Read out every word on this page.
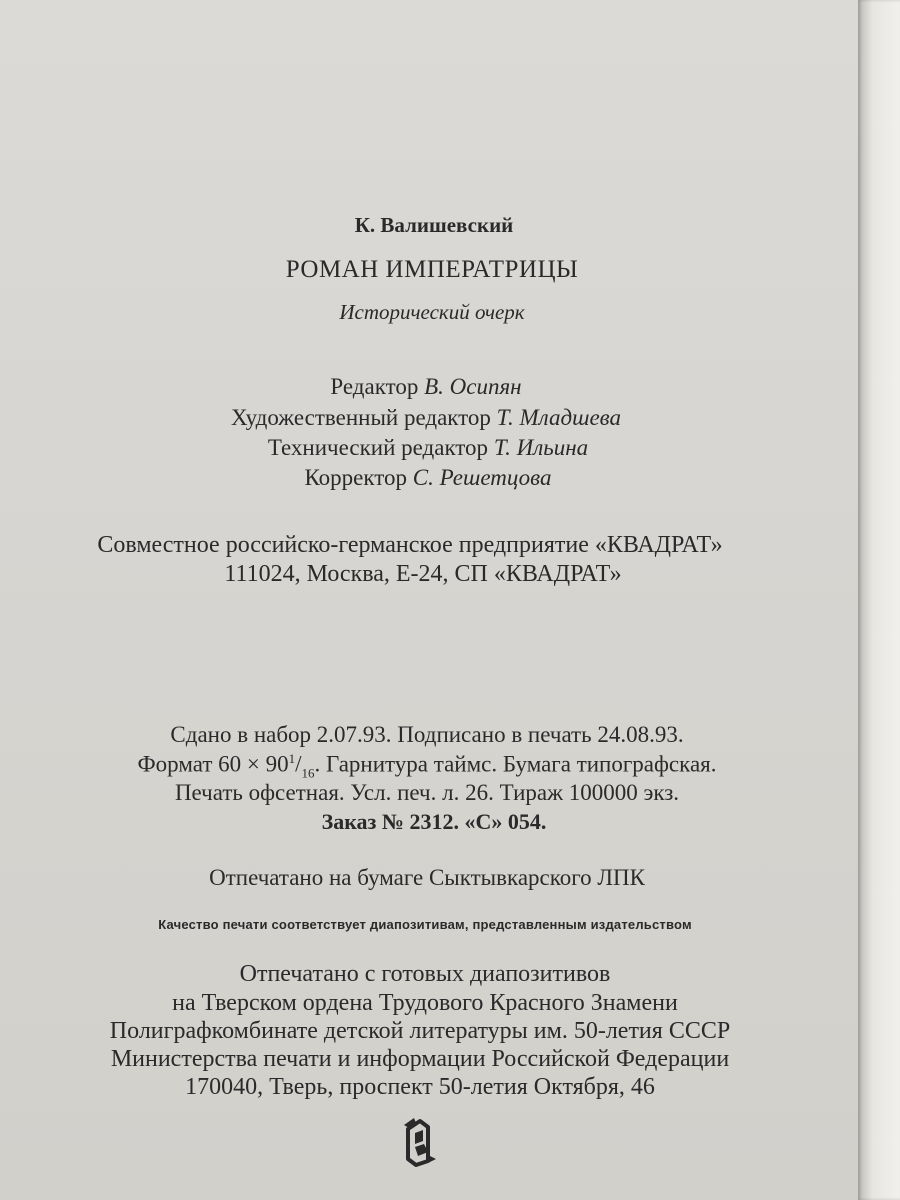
К. Валишевский
РОМАН ИМПЕРАТРИЦЫ
Исторический очерк
Редактор В. Осипян
Художественный редактор Т. Младшева
Технический редактор Т. Ильина
Корректор С. Решетцова
Совместное российско-германское предприятие «КВАДРАТ»
111024, Москва, Е-24, СП «КВАДРАТ»
Сдано в набор 2.07.93. Подписано в печать 24.08.93.
Формат $60 \times 90^1/_{16}$. Гарнитура таймс. Бумага типографская.
Печать офсетная. Усл. печ. л. 26. Тираж 100000 экз.
Заказ № 2312. «С» 054.
Отпечатано на бумаге Сыктывкарского ЛПК
Качество печати соответствует диапозитивам, представленным издательством
Отпечатано с готовых диапозитивов
на Тверском ордена Трудового Красного Знамени
Полиграфкомбинате детской литературы им. 50-летия СССР
Министерства печати и информации Российской Федерации
170040, Тверь, проспект 50-летия Октября, 46
